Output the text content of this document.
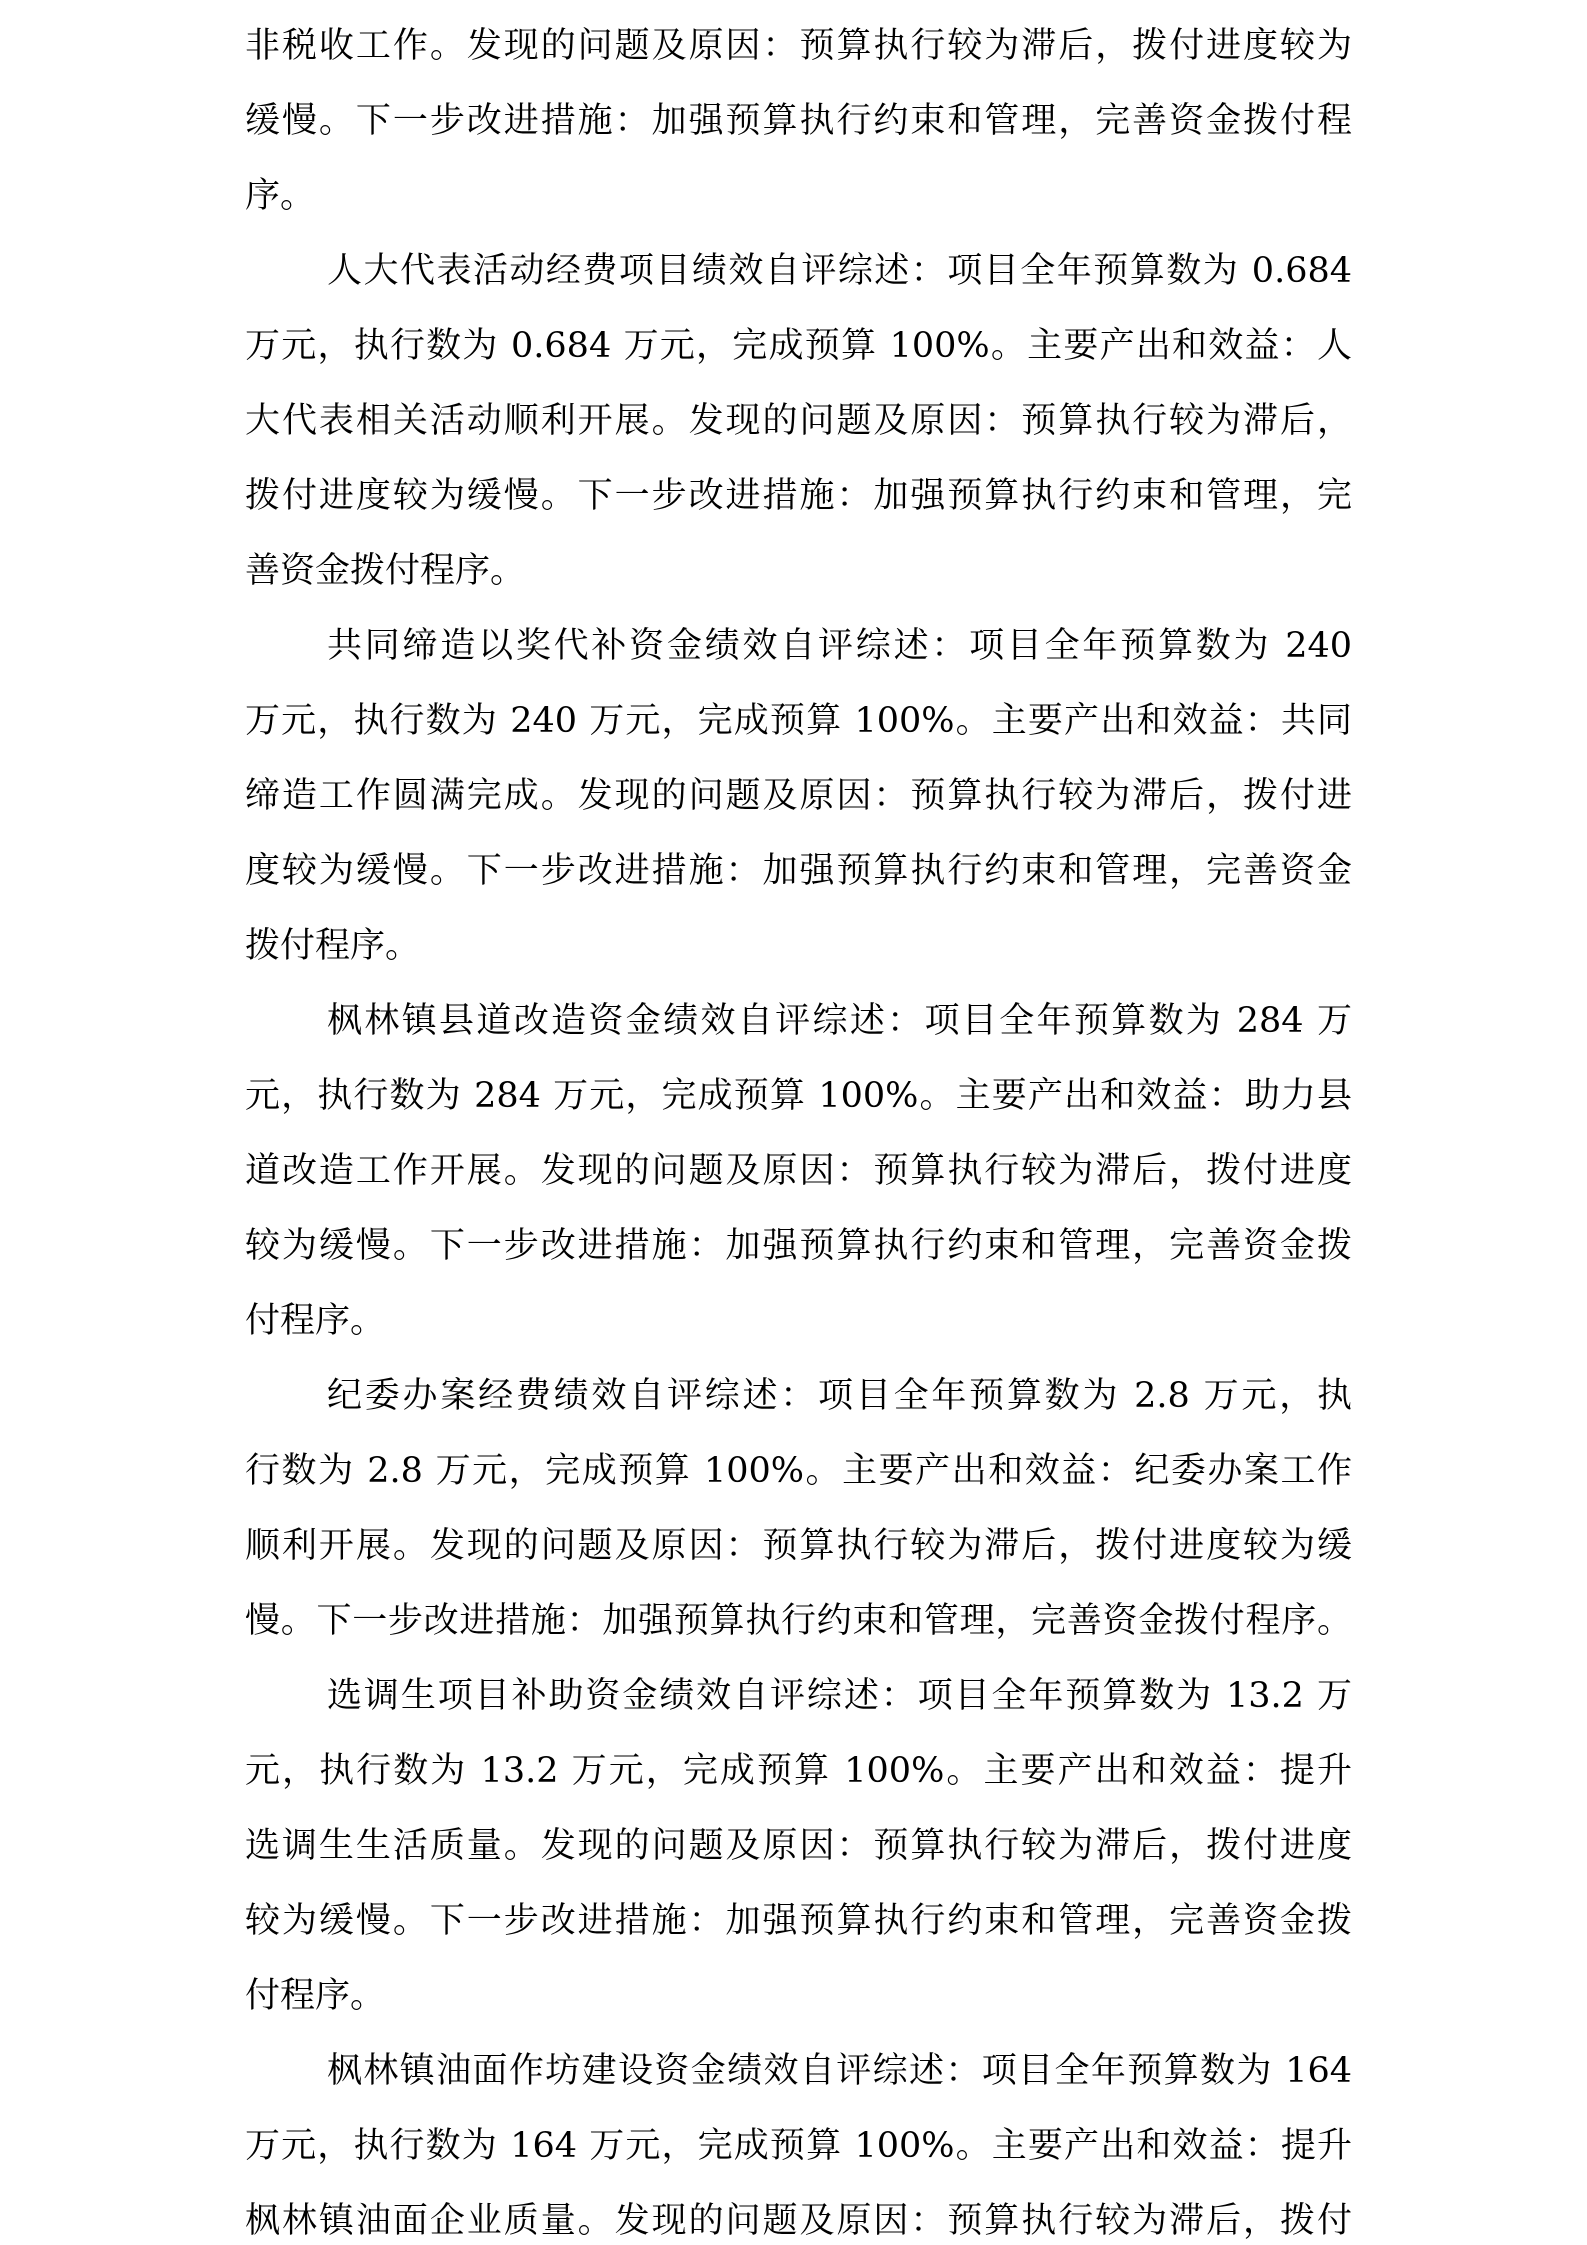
非税收工作。发现的问题及原因：预算执行较为滞后，拨付进度较为
缓慢。下一步改进措施：加强预算执行约束和管理，完善资金拨付程
序。
人大代表活动经费项目绩效自评综述：项目全年预算数为 0.684
万元，执行数为 0.684 万元，完成预算 100%。主要产出和效益：人
大代表相关活动顺利开展。发现的问题及原因：预算执行较为滞后，
拨付进度较为缓慢。下一步改进措施：加强预算执行约束和管理，完
善资金拨付程序。
共同缔造以奖代补资金绩效自评综述：项目全年预算数为 240
万元，执行数为 240 万元，完成预算 100%。主要产出和效益：共同
缔造工作圆满完成。发现的问题及原因：预算执行较为滞后，拨付进
度较为缓慢。下一步改进措施：加强预算执行约束和管理，完善资金
拨付程序。
枫林镇县道改造资金绩效自评综述：项目全年预算数为 284 万
元，执行数为 284 万元，完成预算 100%。主要产出和效益：助力县
道改造工作开展。发现的问题及原因：预算执行较为滞后，拨付进度
较为缓慢。下一步改进措施：加强预算执行约束和管理，完善资金拨
付程序。
纪委办案经费绩效自评综述：项目全年预算数为 2.8 万元，执
行数为 2.8 万元，完成预算 100%。主要产出和效益：纪委办案工作
顺利开展。发现的问题及原因：预算执行较为滞后，拨付进度较为缓
慢。下一步改进措施：加强预算执行约束和管理，完善资金拨付程序。
选调生项目补助资金绩效自评综述：项目全年预算数为 13.2 万
元，执行数为 13.2 万元，完成预算 100%。主要产出和效益：提升
选调生生活质量。发现的问题及原因：预算执行较为滞后，拨付进度
较为缓慢。下一步改进措施：加强预算执行约束和管理，完善资金拨
付程序。
枫林镇油面作坊建设资金绩效自评综述：项目全年预算数为 164
万元，执行数为 164 万元，完成预算 100%。主要产出和效益：提升
枫林镇油面企业质量。发现的问题及原因：预算执行较为滞后，拨付
